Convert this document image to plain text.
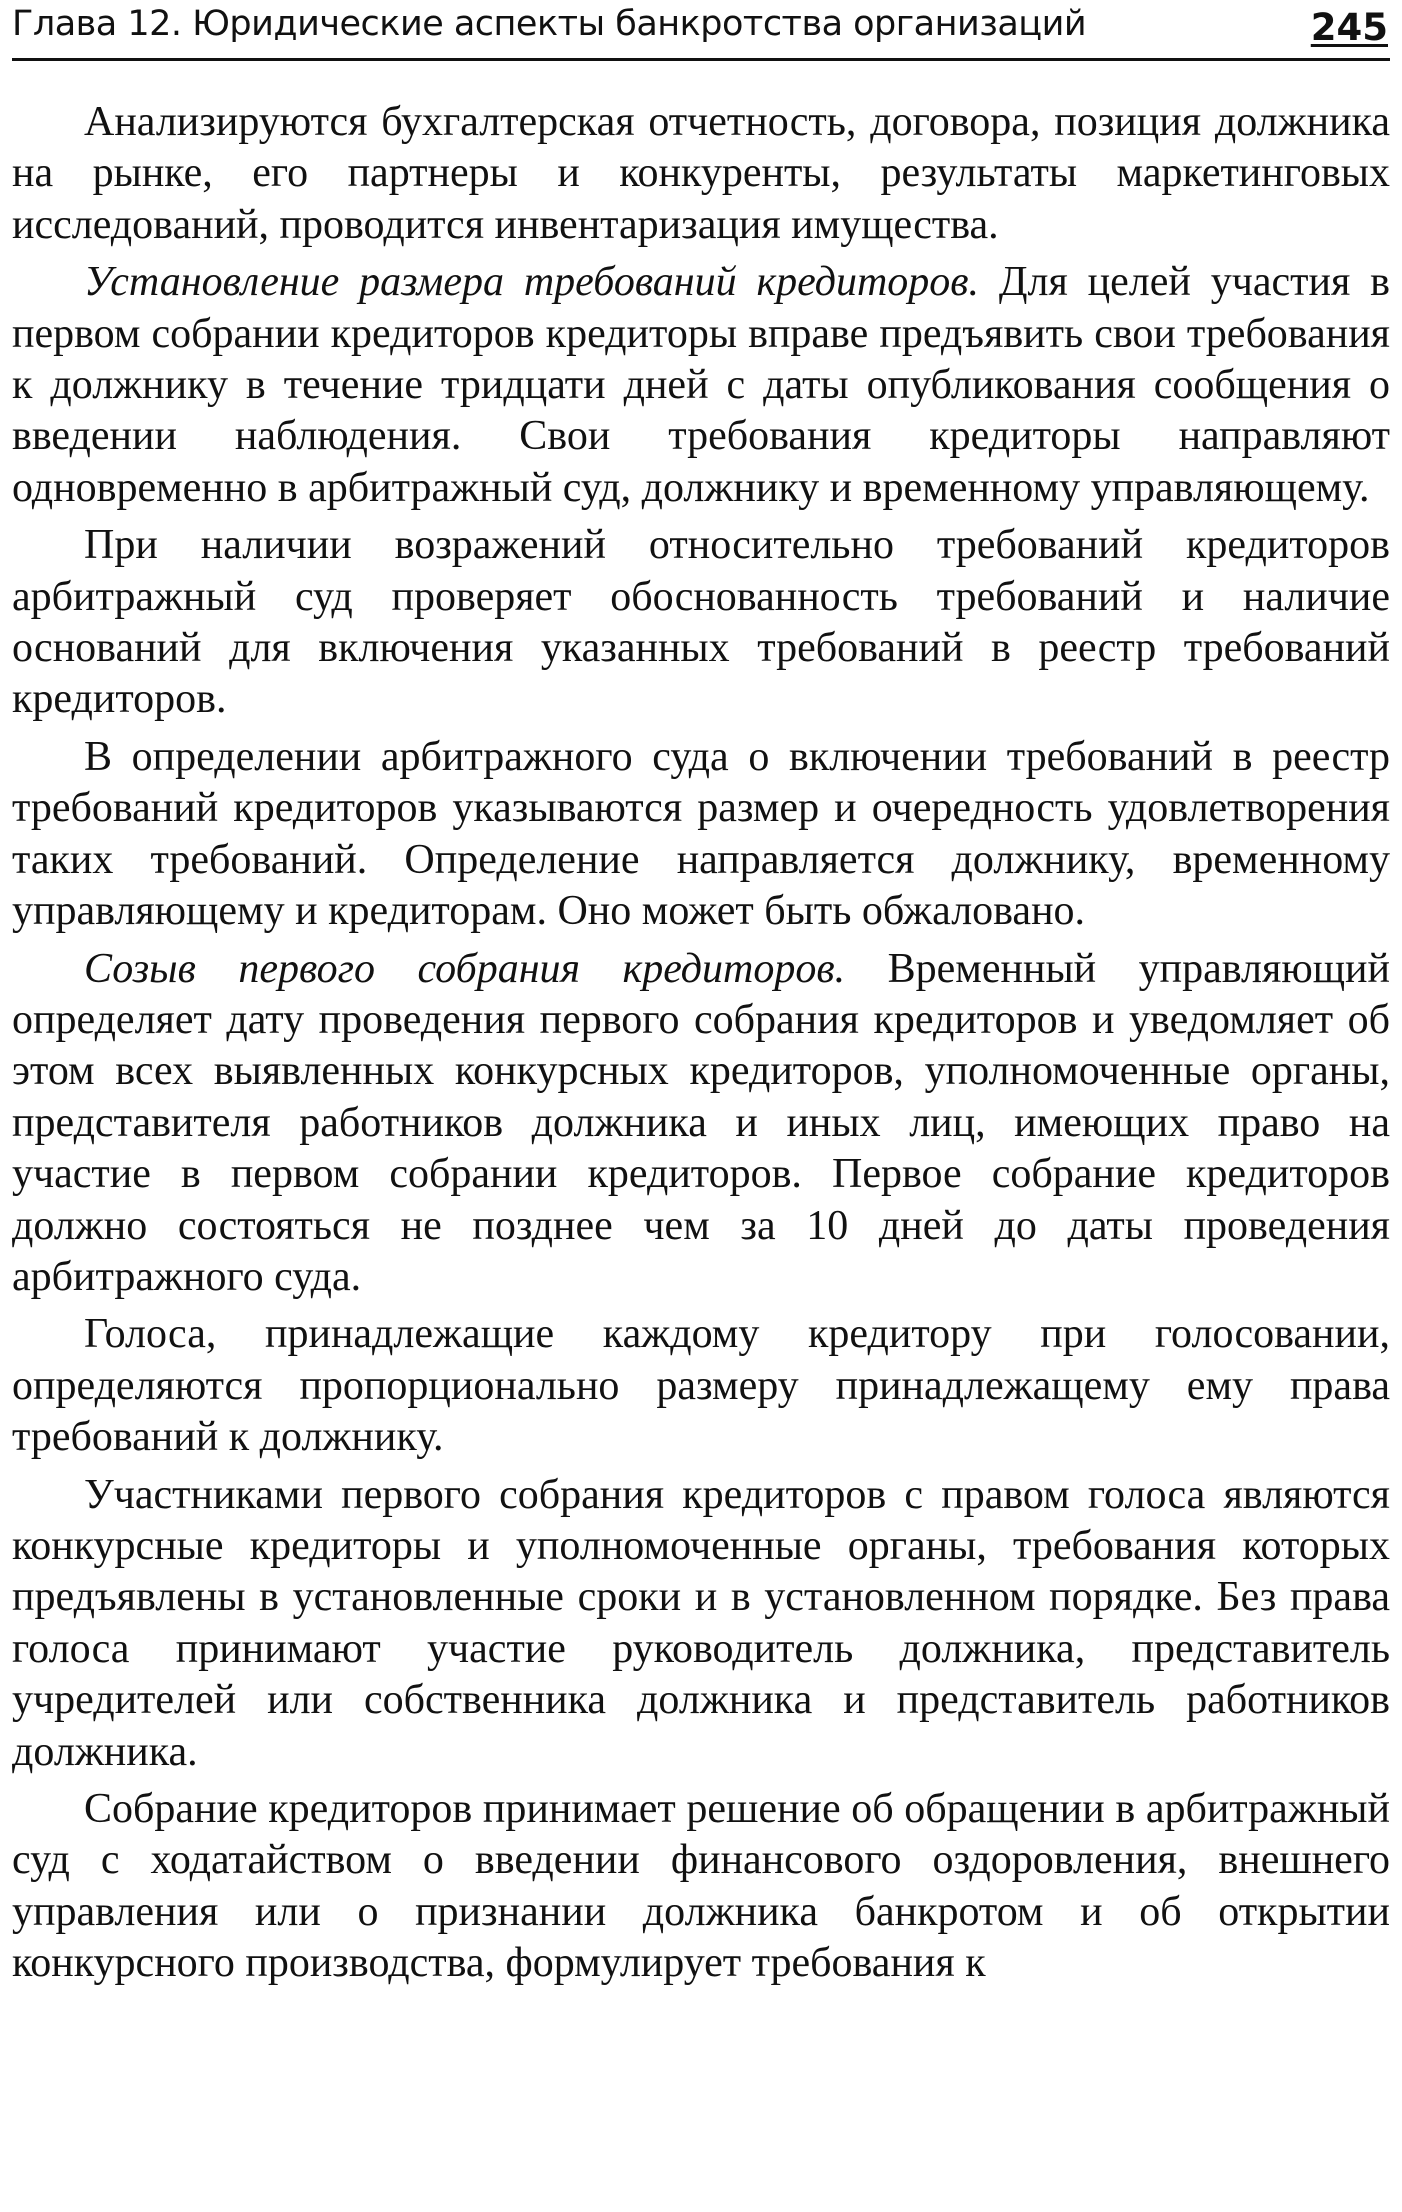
Глава 12. Юридические аспекты банкротства организаций	245

Анализируются бухгалтерская отчетность, договора, позиция должника на рынке, его партнеры и конкуренты, результаты маркетинговых исследований, проводится инвентаризация имущества.

Установление размера требований кредиторов. Для целей участия в первом собрании кредиторов кредиторы вправе предъявить свои требования к должнику в течение тридцати дней с даты опубликования сообщения о введении наблюдения. Свои требования кредиторы направляют одновременно в арбитражный суд, должнику и временному управляющему.

При наличии возражений относительно требований кредиторов арбитражный суд проверяет обоснованность требований и наличие оснований для включения указанных требований в реестр требований кредиторов.

В определении арбитражного суда о включении требований в реестр требований кредиторов указываются размер и очередность удовлетворения таких требований. Определение направляется должнику, временному управляющему и кредиторам. Оно может быть обжаловано.

Созыв первого собрания кредиторов. Временный управляющий определяет дату проведения первого собрания кредиторов и уведомляет об этом всех выявленных конкурсных кредиторов, уполномоченные органы, представителя работников должника и иных лиц, имеющих право на участие в первом собрании кредиторов. Первое собрание кредиторов должно состояться не позднее чем за 10 дней до даты проведения арбитражного суда.

Голоса, принадлежащие каждому кредитору при голосовании, определяются пропорционально размеру принадлежащему ему права требований к должнику.

Участниками первого собрания кредиторов с правом голоса являются конкурсные кредиторы и уполномоченные органы, требования которых предъявлены в установленные сроки и в установленном порядке. Без права голоса принимают участие руководитель должника, представитель учредителей или собственника должника и представитель работников должника.

Собрание кредиторов принимает решение об обращении в арбитражный суд с ходатайством о введении финансового оздоровления, внешнего управления или о признании должника банкротом и об открытии конкурсного производства, формулирует требования к
